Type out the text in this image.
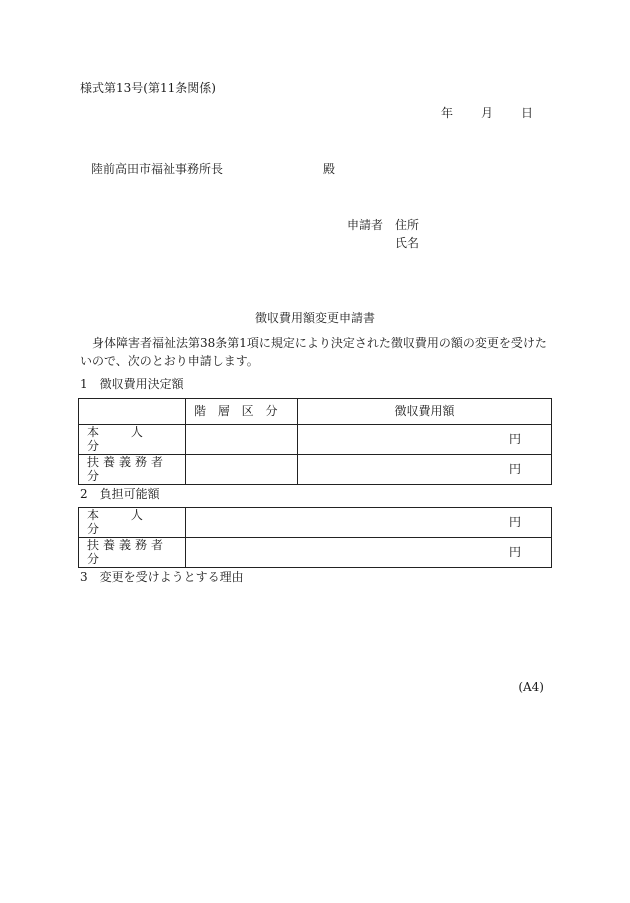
様式第13号(第11条関係)
年 月 日
陸前高田市福祉事務所長	殿
申請者 住所
氏名
徴収費用額変更申請書
身体障害者福祉法第38条第1項に規定により決定された徴収費用の額の変更を受けたいので、次のとおり申請します。
1　徴収費用決定額
	階 層 区 分	徴収費用額
本 人 分		円
扶養義務者分		円
2　負担可能額
本 人 分	円
扶養義務者分	円
3　変更を受けようとする理由
(A4)
